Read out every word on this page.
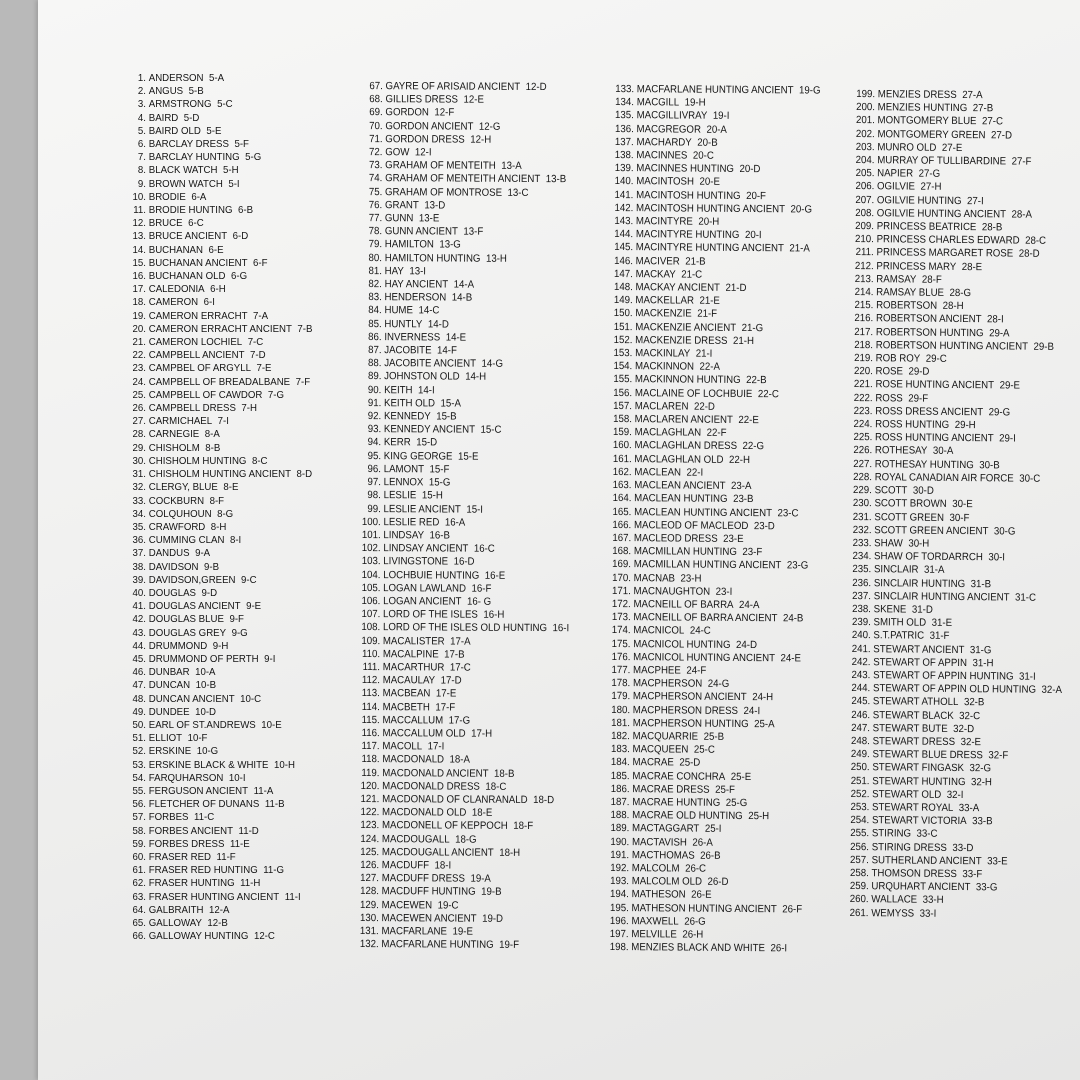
1. ANDERSON 5-A
2. ANGUS 5-B
3. ARMSTRONG 5-C
4. BAIRD 5-D
5. BAIRD OLD 5-E
6. BARCLAY DRESS 5-F
7. BARCLAY HUNTING 5-G
8. BLACK WATCH 5-H
9. BROWN WATCH 5-I
10. BRODIE 6-A
11. BRODIE HUNTING 6-B
12. BRUCE 6-C
13. BRUCE ANCIENT 6-D
14. BUCHANAN 6-E
15. BUCHANAN ANCIENT 6-F
16. BUCHANAN OLD 6-G
17. CALEDONIA 6-H
18. CAMERON 6-I
19. CAMERON ERRACHT 7-A
20. CAMERON ERRACHT ANCIENT 7-B
21. CAMERON LOCHIEL 7-C
22. CAMPBELL ANCIENT 7-D
23. CAMPBEL OF ARGYLL 7-E
24. CAMPBELL OF BREADALBANE 7-F
25. CAMPBELL OF CAWDOR 7-G
26. CAMPBELL DRESS 7-H
27. CARMICHAEL 7-I
28. CARNEGIE 8-A
29. CHISHOLM 8-B
30. CHISHOLM HUNTING 8-C
31. CHISHOLM HUNTING ANCIENT 8-D
32. CLERGY, BLUE 8-E
33. COCKBURN 8-F
34. COLQUHOUN 8-G
35. CRAWFORD 8-H
36. CUMMING CLAN 8-I
37. DANDUS 9-A
38. DAVIDSON 9-B
39. DAVIDSON,GREEN 9-C
40. DOUGLAS 9-D
41. DOUGLAS ANCIENT 9-E
42. DOUGLAS BLUE 9-F
43. DOUGLAS GREY 9-G
44. DRUMMOND 9-H
45. DRUMMOND OF PERTH 9-I
46. DUNBAR 10-A
47. DUNCAN 10-B
48. DUNCAN ANCIENT 10-C
49. DUNDEE 10-D
50. EARL OF ST.ANDREWS 10-E
51. ELLIOT 10-F
52. ERSKINE 10-G
53. ERSKINE BLACK & WHITE 10-H
54. FARQUHARSON 10-I
55. FERGUSON ANCIENT 11-A
56. FLETCHER OF DUNANS 11-B
57. FORBES 11-C
58. FORBES ANCIENT 11-D
59. FORBES DRESS 11-E
60. FRASER RED 11-F
61. FRASER RED HUNTING 11-G
62. FRASER HUNTING 11-H
63. FRASER HUNTING ANCIENT 11-I
64. GALBRAITH 12-A
65. GALLOWAY 12-B
66. GALLOWAY HUNTING 12-C
67. GAYRE OF ARISAID ANCIENT 12-D
68. GILLIES DRESS 12-E
69. GORDON 12-F
70. GORDON ANCIENT 12-G
71. GORDON DRESS 12-H
72. GOW 12-I
73. GRAHAM OF MENTEITH 13-A
74. GRAHAM OF MENTEITH ANCIENT 13-B
75. GRAHAM OF MONTROSE 13-C
76. GRANT 13-D
77. GUNN 13-E
78. GUNN ANCIENT 13-F
79. HAMILTON 13-G
80. HAMILTON HUNTING 13-H
81. HAY 13-I
82. HAY ANCIENT 14-A
83. HENDERSON 14-B
84. HUME 14-C
85. HUNTLY 14-D
86. INVERNESS 14-E
87. JACOBITE 14-F
88. JACOBITE ANCIENT 14-G
89. JOHNSTON OLD 14-H
90. KEITH 14-I
91. KEITH OLD 15-A
92. KENNEDY 15-B
93. KENNEDY ANCIENT 15-C
94. KERR 15-D
95. KING GEORGE 15-E
96. LAMONT 15-F
97. LENNOX 15-G
98. LESLIE 15-H
99. LESLIE ANCIENT 15-I
100. LESLIE RED 16-A
101. LINDSAY 16-B
102. LINDSAY ANCIENT 16-C
103. LIVINGSTONE 16-D
104. LOCHBUIE HUNTING 16-E
105. LOGAN LAWLAND 16-F
106. LOGAN ANCIENT 16- G
107. LORD OF THE ISLES 16-H
108. LORD OF THE ISLES OLD HUNTING 16-I
109. MACALISTER 17-A
110. MACALPINE 17-B
111. MACARTHUR 17-C
112. MACAULAY 17-D
113. MACBEAN 17-E
114. MACBETH 17-F
115. MACCALLUM 17-G
116. MACCALLUM OLD 17-H
117. MACOLL 17-I
118. MACDONALD 18-A
119. MACDONALD ANCIENT 18-B
120. MACDONALD DRESS 18-C
121. MACDONALD OF CLANRANALD 18-D
122. MACDONALD OLD 18-E
123. MACDONELL OF KEPPOCH 18-F
124. MACDOUGALL 18-G
125. MACDOUGALL ANCIENT 18-H
126. MACDUFF 18-I
127. MACDUFF DRESS 19-A
128. MACDUFF HUNTING 19-B
129. MACEWEN 19-C
130. MACEWEN ANCIENT 19-D
131. MACFARLANE 19-E
132. MACFARLANE HUNTING 19-F
133. MACFARLANE HUNTING ANCIENT 19-G
134. MACGILL 19-H
135. MACGILLIVRAY 19-I
136. MACGREGOR 20-A
137. MACHARDY 20-B
138. MACINNES 20-C
139. MACINNES HUNTING 20-D
140. MACINTOSH 20-E
141. MACINTOSH HUNTING 20-F
142. MACINTOSH HUNTING ANCIENT 20-G
143. MACINTYRE 20-H
144. MACINTYRE HUNTING 20-I
145. MACINTYRE HUNTING ANCIENT 21-A
146. MACIVER 21-B
147. MACKAY 21-C
148. MACKAY ANCIENT 21-D
149. MACKELLAR 21-E
150. MACKENZIE 21-F
151. MACKENZIE ANCIENT 21-G
152. MACKENZIE DRESS 21-H
153. MACKINLAY 21-I
154. MACKINNON 22-A
155. MACKINNON HUNTING 22-B
156. MACLAINE OF LOCHBUIE 22-C
157. MACLAREN 22-D
158. MACLAREN ANCIENT 22-E
159. MACLAGHLAN 22-F
160. MACLAGHLAN DRESS 22-G
161. MACLAGHLAN OLD 22-H
162. MACLEAN 22-I
163. MACLEAN ANCIENT 23-A
164. MACLEAN HUNTING 23-B
165. MACLEAN HUNTING ANCIENT 23-C
166. MACLEOD OF MACLEOD 23-D
167. MACLEOD DRESS 23-E
168. MACMILLAN HUNTING 23-F
169. MACMILLAN HUNTING ANCIENT 23-G
170. MACNAB 23-H
171. MACNAUGHTON 23-I
172. MACNEILL OF BARRA 24-A
173. MACNEILL OF BARRA ANCIENT 24-B
174. MACNICOL 24-C
175. MACNICOL HUNTING 24-D
176. MACNICOL HUNTING ANCIENT 24-E
177. MACPHEE 24-F
178. MACPHERSON 24-G
179. MACPHERSON ANCIENT 24-H
180. MACPHERSON DRESS 24-I
181. MACPHERSON HUNTING 25-A
182. MACQUARRIE 25-B
183. MACQUEEN 25-C
184. MACRAE 25-D
185. MACRAE CONCHRA 25-E
186. MACRAE DRESS 25-F
187. MACRAE HUNTING 25-G
188. MACRAE OLD HUNTING 25-H
189. MACTAGGART 25-I
190. MACTAVISH 26-A
191. MACTHOMAS 26-B
192. MALCOLM 26-C
193. MALCOLM OLD 26-D
194. MATHESON 26-E
195. MATHESON HUNTING ANCIENT 26-F
196. MAXWELL 26-G
197. MELVILLE 26-H
198. MENZIES BLACK AND WHITE 26-I
199. MENZIES DRESS 27-A
200. MENZIES HUNTING 27-B
201. MONTGOMERY BLUE 27-C
202. MONTGOMERY GREEN 27-D
203. MUNRO OLD 27-E
204. MURRAY OF TULLIBARDINE 27-F
205. NAPIER 27-G
206. OGILVIE 27-H
207. OGILVIE HUNTING 27-I
208. OGILVIE HUNTING ANCIENT 28-A
209. PRINCESS BEATRICE 28-B
210. PRINCESS CHARLES EDWARD 28-C
211. PRINCESS MARGARET ROSE 28-D
212. PRINCESS MARY 28-E
213. RAMSAY 28-F
214. RAMSAY BLUE 28-G
215. ROBERTSON 28-H
216. ROBERTSON ANCIENT 28-I
217. ROBERTSON HUNTING 29-A
218. ROBERTSON HUNTING ANCIENT 29-B
219. ROB ROY 29-C
220. ROSE 29-D
221. ROSE HUNTING ANCIENT 29-E
222. ROSS 29-F
223. ROSS DRESS ANCIENT 29-G
224. ROSS HUNTING 29-H
225. ROSS HUNTING ANCIENT 29-I
226. ROTHESAY 30-A
227. ROTHESAY HUNTING 30-B
228. ROYAL CANADIAN AIR FORCE 30-C
229. SCOTT 30-D
230. SCOTT BROWN 30-E
231. SCOTT GREEN 30-F
232. SCOTT GREEN ANCIENT 30-G
233. SHAW 30-H
234. SHAW OF TORDARRCH 30-I
235. SINCLAIR 31-A
236. SINCLAIR HUNTING 31-B
237. SINCLAIR HUNTING ANCIENT 31-C
238. SKENE 31-D
239. SMITH OLD 31-E
240. S.T.PATRIC 31-F
241. STEWART ANCIENT 31-G
242. STEWART OF APPIN 31-H
243. STEWART OF APPIN HUNTING 31-I
244. STEWART OF APPIN OLD HUNTING 32-A
245. STEWART ATHOLL 32-B
246. STEWART BLACK 32-C
247. STEWART BUTE 32-D
248. STEWART DRESS 32-E
249. STEWART BLUE DRESS 32-F
250. STEWART FINGASK 32-G
251. STEWART HUNTING 32-H
252. STEWART OLD 32-I
253. STEWART ROYAL 33-A
254. STEWART VICTORIA 33-B
255. STIRING 33-C
256. STIRING DRESS 33-D
257. SUTHERLAND ANCIENT 33-E
258. THOMSON DRESS 33-F
259. URQUHART ANCIENT 33-G
260. WALLACE 33-H
261. WEMYSS 33-I
